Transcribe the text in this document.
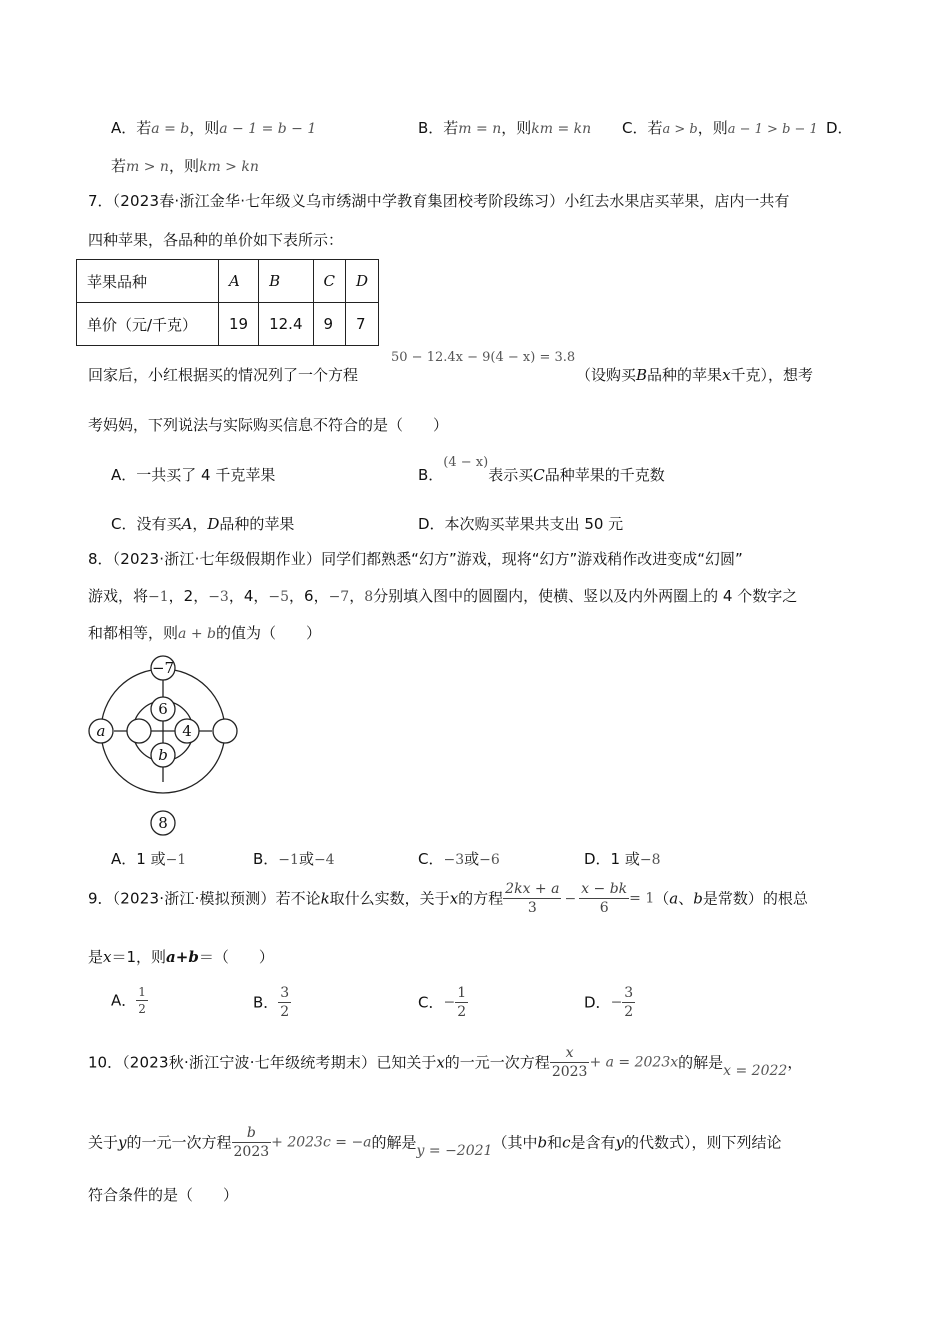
A．若a = b，则a − 1 = b − 1	B．若m = n，则km = kn C．若a > b，则a − 1 > b − 1 D．
若m > n，则km > kn
7．（2023春·浙江金华·七年级义乌市绣湖中学教育集团校考阶段练习）小红去水果店买苹果，店内一共有
四种苹果，各品种的单价如下表所示：
苹果品种	A	B	C	D
单价（元/千克）	19	12.4	9	7
回家后，小红根据买的情况列了一个方程
50 − 12.4x − 9(4 − x) = 3.8
（设购买B品种的苹果x千克），想考
考妈妈，下列说法与实际购买信息不符合的是（　　）
A．一共买了 4 千克苹果	B．(4 − x)表示买C品种苹果的千克数
C．没有买A，D品种的苹果	D．本次购买苹果共支出 50 元
8．（2023·浙江·七年级假期作业）同学们都熟悉“幻方”游戏，现将“幻方”游戏稍作改进变成“幻圆”
游戏，将−1，2，−3，4，−5，6，−7，8分别填入图中的圆圈内，使横、竖以及内外两圈上的 4 个数字之
和都相等，则a + b的值为（　　）
−7
6
4
b
a
8
A．1 或−1	B．−1或−4	C．−3或−6	D．1 或−8
9．（2023·浙江·模拟预测）若不论k取什么实数，关于x的方程 $\frac{2kx + a}{3} - \frac{x - bk}{6} = 1(a$、b是常数）的根总
是x＝1，则a+b＝（　　）
A． $\frac{1}{2}$	B． $\frac{3}{2}$	C．− $\frac{1}{2}$	D．− $\frac{3}{2}$
10．（2023秋·浙江宁波·七年级统考期末）已知关于x的一元一次方程 $\frac{x}{2023} + a = 2023x$的解是x = 2022，
关于y的一元一次方程 $\frac{b}{2023} + 2023c = -a$的解是y = −2021（其中b和c是含有y的代数式），则下列结论
符合条件的是（　　）
